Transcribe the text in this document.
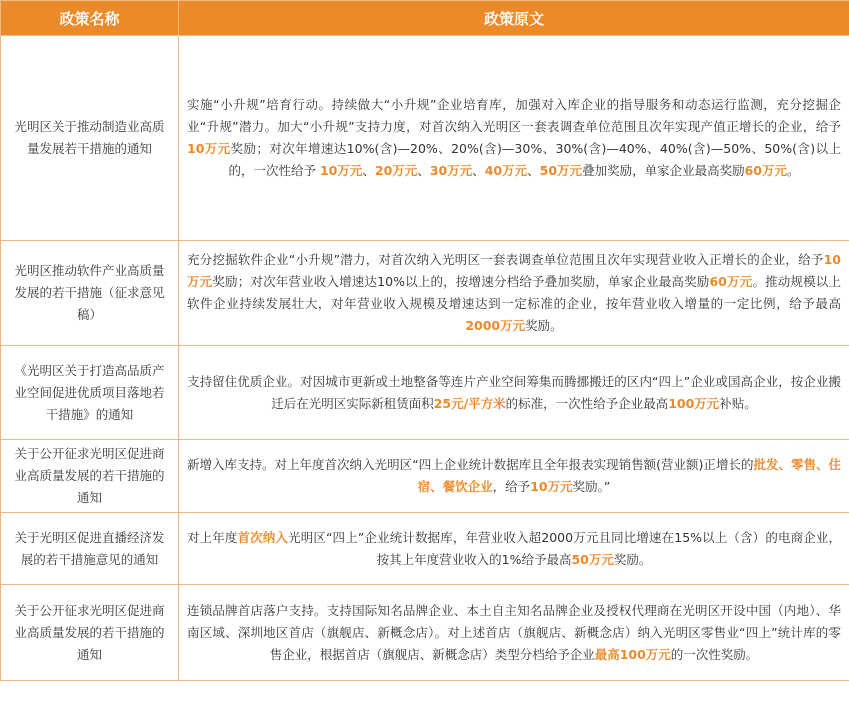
政策名称	政策原文
光明区关于推动制造业高质量发展若干措施的通知	实施“小升规”培育行动。持续做大“小升规”企业培育库，加强对入库企业的指导服务和动态运行监测，充分挖掘企业“升规”潜力。加大“小升规”支持力度，对首次纳入光明区一套表调查单位范围且次年实现产值正增长的企业，给予10万元奖励；对次年增速达10%(含)—20%、20%(含)—30%、30%(含)—40%、40%(含)—50%、50%(含)以上的，一次性给予 10万元、20万元、30万元、40万元、50万元叠加奖励，单家企业最高奖励60万元。
光明区推动软件产业高质量发展的若干措施（征求意见稿）	充分挖掘软件企业“小升规”潜力，对首次纳入光明区一套表调查单位范围且次年实现营业收入正增长的企业，给予10万元奖励；对次年营业收入增速达10%以上的，按增速分档给予叠加奖励，单家企业最高奖励60万元。推动规模以上软件企业持续发展壮大，对年营业收入规模及增速达到一定标准的企业，按年营业收入增量的一定比例，给予最高2000万元奖励。
《光明区关于打造高品质产业空间促进优质项目落地若干措施》的通知	支持留住优质企业。对因城市更新或土地整备等连片产业空间筹集而腾挪搬迁的区内“四上”企业或国高企业，按企业搬迁后在光明区实际新租赁面积25元/平方米的标准，一次性给予企业最高100万元补贴。
关于公开征求光明区促进商业高质量发展的若干措施的通知	新增入库支持。对上年度首次纳入光明区“四上企业统计数据库且全年报表实现销售额(营业额)正增长的批发、零售、住宿、餐饮企业，给予10万元奖励。”
关于光明区促进直播经济发展的若干措施意见的通知	对上年度首次纳入光明区“四上”企业统计数据库，年营业收入超2000万元且同比增速在15%以上（含）的电商企业，按其上年度营业收入的1%给予最高50万元奖励。
关于公开征求光明区促进商业高质量发展的若干措施的通知	连锁品牌首店落户支持。支持国际知名品牌企业、本土自主知名品牌企业及授权代理商在光明区开设中国（内地）、华南区域、深圳地区首店（旗舰店、新概念店）。对上述首店（旗舰店、新概念店）纳入光明区零售业“四上”统计库的零售企业，根据首店（旗舰店、新概念店）类型分档给予企业最高100万元的一次性奖励。
